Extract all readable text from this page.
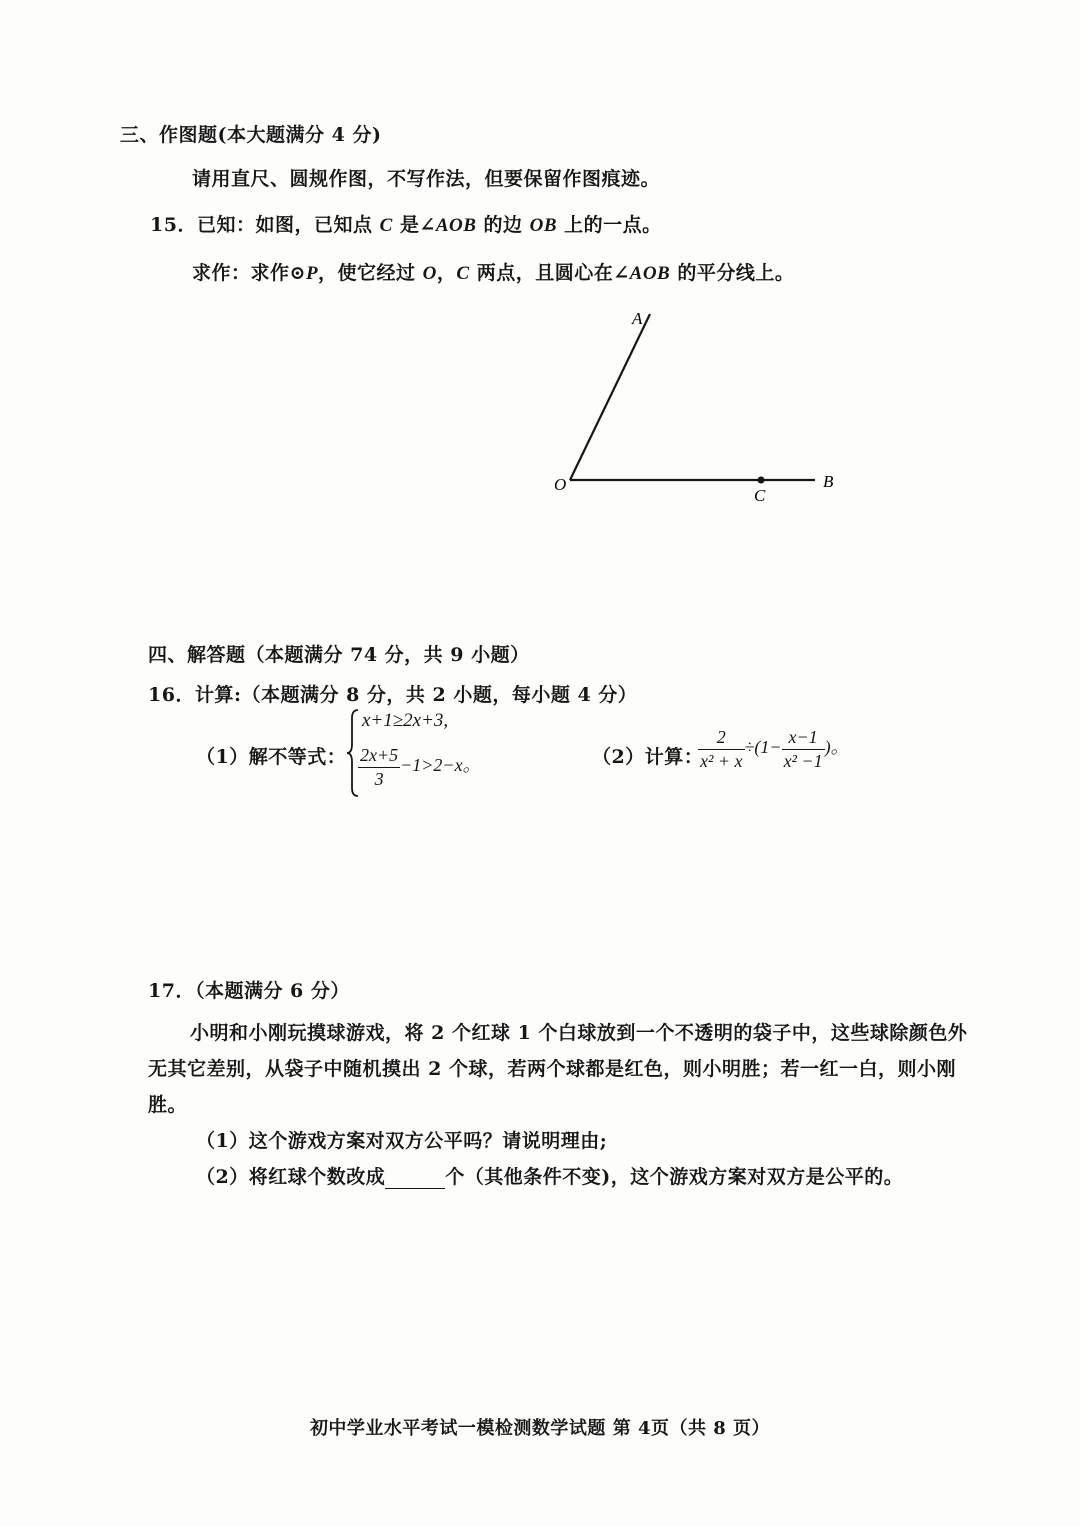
三、作图题(本大题满分 4 分)
请用直尺、圆规作图，不写作法，但要保留作图痕迹。
15．已知：如图，已知点 C 是∠AOB 的边 OB 上的一点。
求作：求作⊙P，使它经过 O，C 两点，且圆心在∠AOB 的平分线上。
A
O	B
C
四、解答题（本题满分 74 分，共 9 小题）
16．计算:（本题满分 8 分，共 2 小题，每小题 4 分）
（1）解不等式：
x+1≥2x+3,
$\frac{2x+5}{3} -1>2-x$。	（2）计算：
$\frac{2}{\text{x² + x}} \div(1- \frac{x-1}{\text{x² −1}}$ )。
17．（本题满分 6 分）
小明和小刚玩摸球游戏，将 2 个红球 1 个白球放到一个不透明的袋子中，这些球除颜色外
无其它差别，从袋子中随机摸出 2 个球，若两个球都是红色，则小明胜；若一红一白，则小刚
胜。
（1）这个游戏方案对双方公平吗？请说明理由;
（2）将红球个数改成	个（其他条件不变)，这个游戏方案对双方是公平的。
初中学业水平考试一模检测数学试题 第 4页（共 8 页）
